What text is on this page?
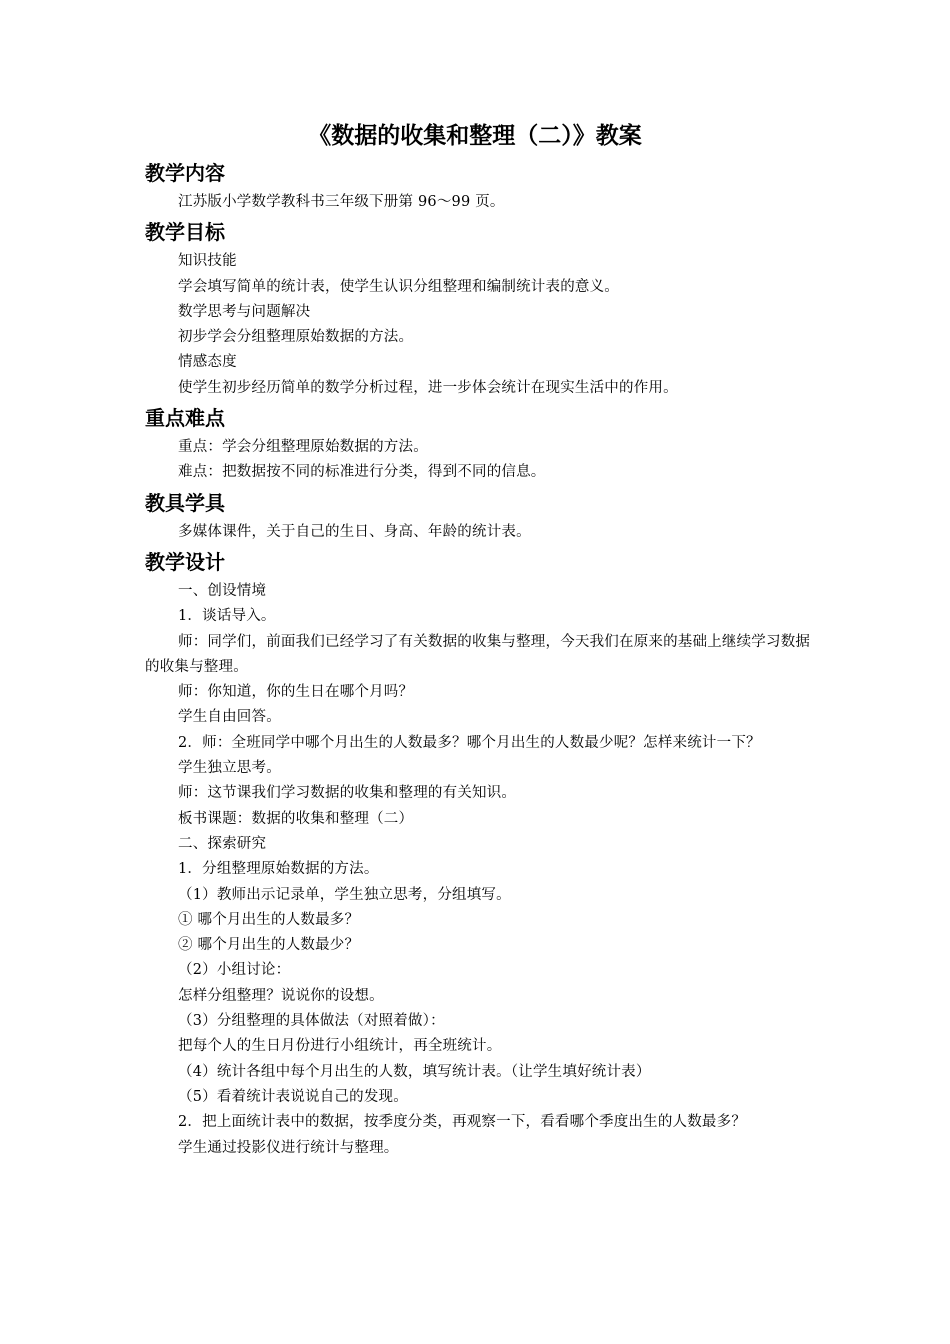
《数据的收集和整理（二）》教案
教学内容

江苏版小学数学教科书三年级下册第 96～99 页。

教学目标

知识技能

学会填写简单的统计表，使学生认识分组整理和编制统计表的意义。

数学思考与问题解决

初步学会分组整理原始数据的方法。

情感态度

使学生初步经历简单的数学分析过程，进一步体会统计在现实生活中的作用。

重点难点

重点：学会分组整理原始数据的方法。

难点：把数据按不同的标准进行分类，得到不同的信息。

教具学具

多媒体课件，关于自己的生日、身高、年龄的统计表。

教学设计

一、创设情境

1．谈话导入。

师：同学们，前面我们已经学习了有关数据的收集与整理，今天我们在原来的基础上继续学习数据的收集与整理。

师：你知道，你的生日在哪个月吗？

学生自由回答。

2．师：全班同学中哪个月出生的人数最多？哪个月出生的人数最少呢？怎样来统计一下？

学生独立思考。

师：这节课我们学习数据的收集和整理的有关知识。

板书课题：数据的收集和整理（二）

二、探索研究

1．分组整理原始数据的方法。

（1）教师出示记录单，学生独立思考，分组填写。

① 哪个月出生的人数最多？

② 哪个月出生的人数最少？

（2）小组讨论：

怎样分组整理？说说你的设想。

（3）分组整理的具体做法（对照着做）：

把每个人的生日月份进行小组统计，再全班统计。

（4）统计各组中每个月出生的人数，填写统计表。（让学生填好统计表）

（5）看着统计表说说自己的发现。

2．把上面统计表中的数据，按季度分类，再观察一下，看看哪个季度出生的人数最多？

学生通过投影仪进行统计与整理。
